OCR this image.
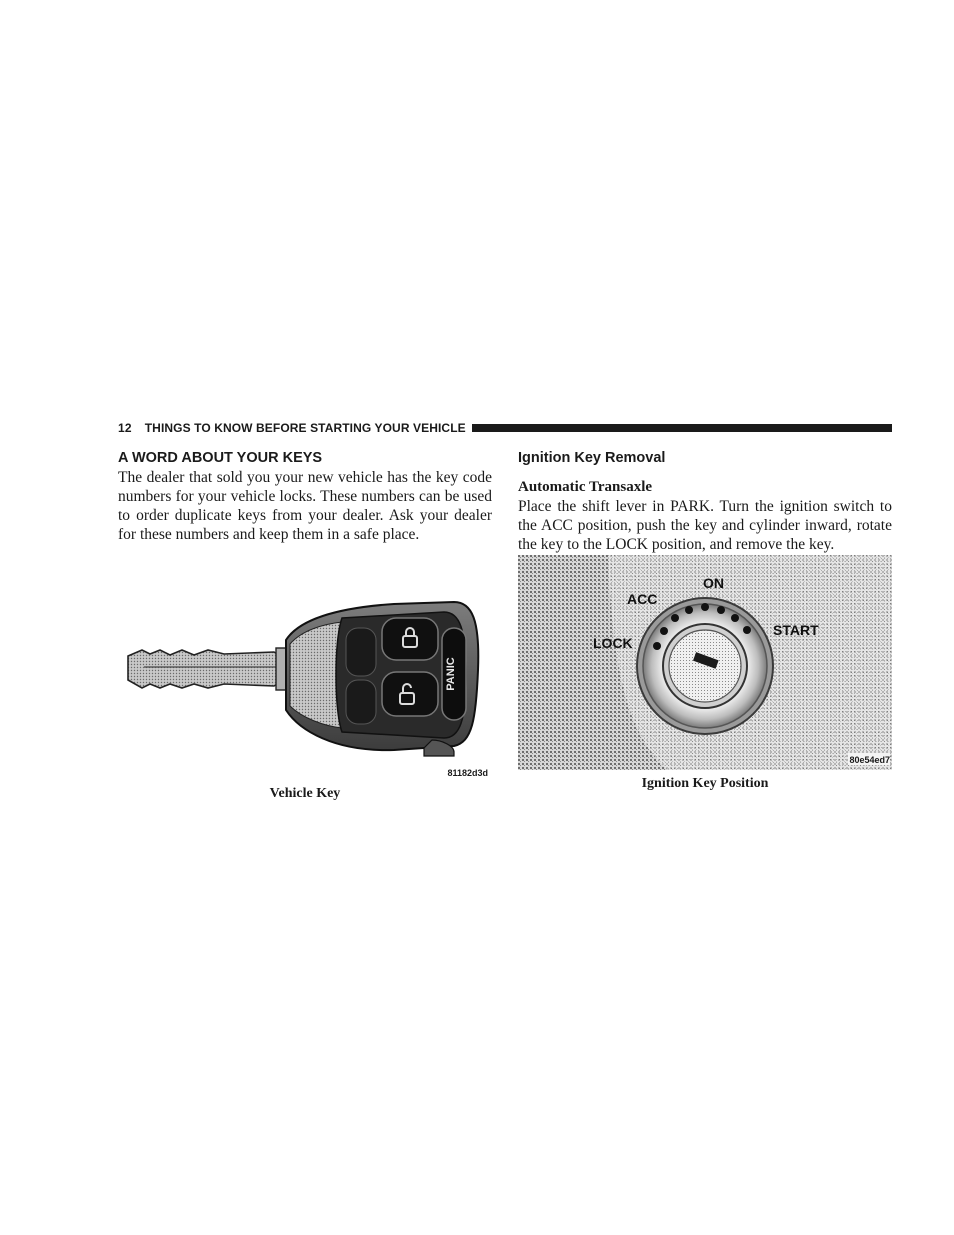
12 THINGS TO KNOW BEFORE STARTING YOUR VEHICLE
A WORD ABOUT YOUR KEYS

The dealer that sold you your new vehicle has the key code numbers for your vehicle locks. These numbers can be used to order duplicate keys from your dealer. Ask your dealer for these numbers and keep them in a safe place.

Ignition Key Removal
Automatic Transaxle

Place the shift lever in PARK. Turn the ignition switch to the ACC position, push the key and cylinder inward, rotate the key to the LOCK position, and remove the key.

PANIC
81182d3d
Vehicle Key
ON
ACC
LOCK
START
80e54ed7
Ignition Key Position
